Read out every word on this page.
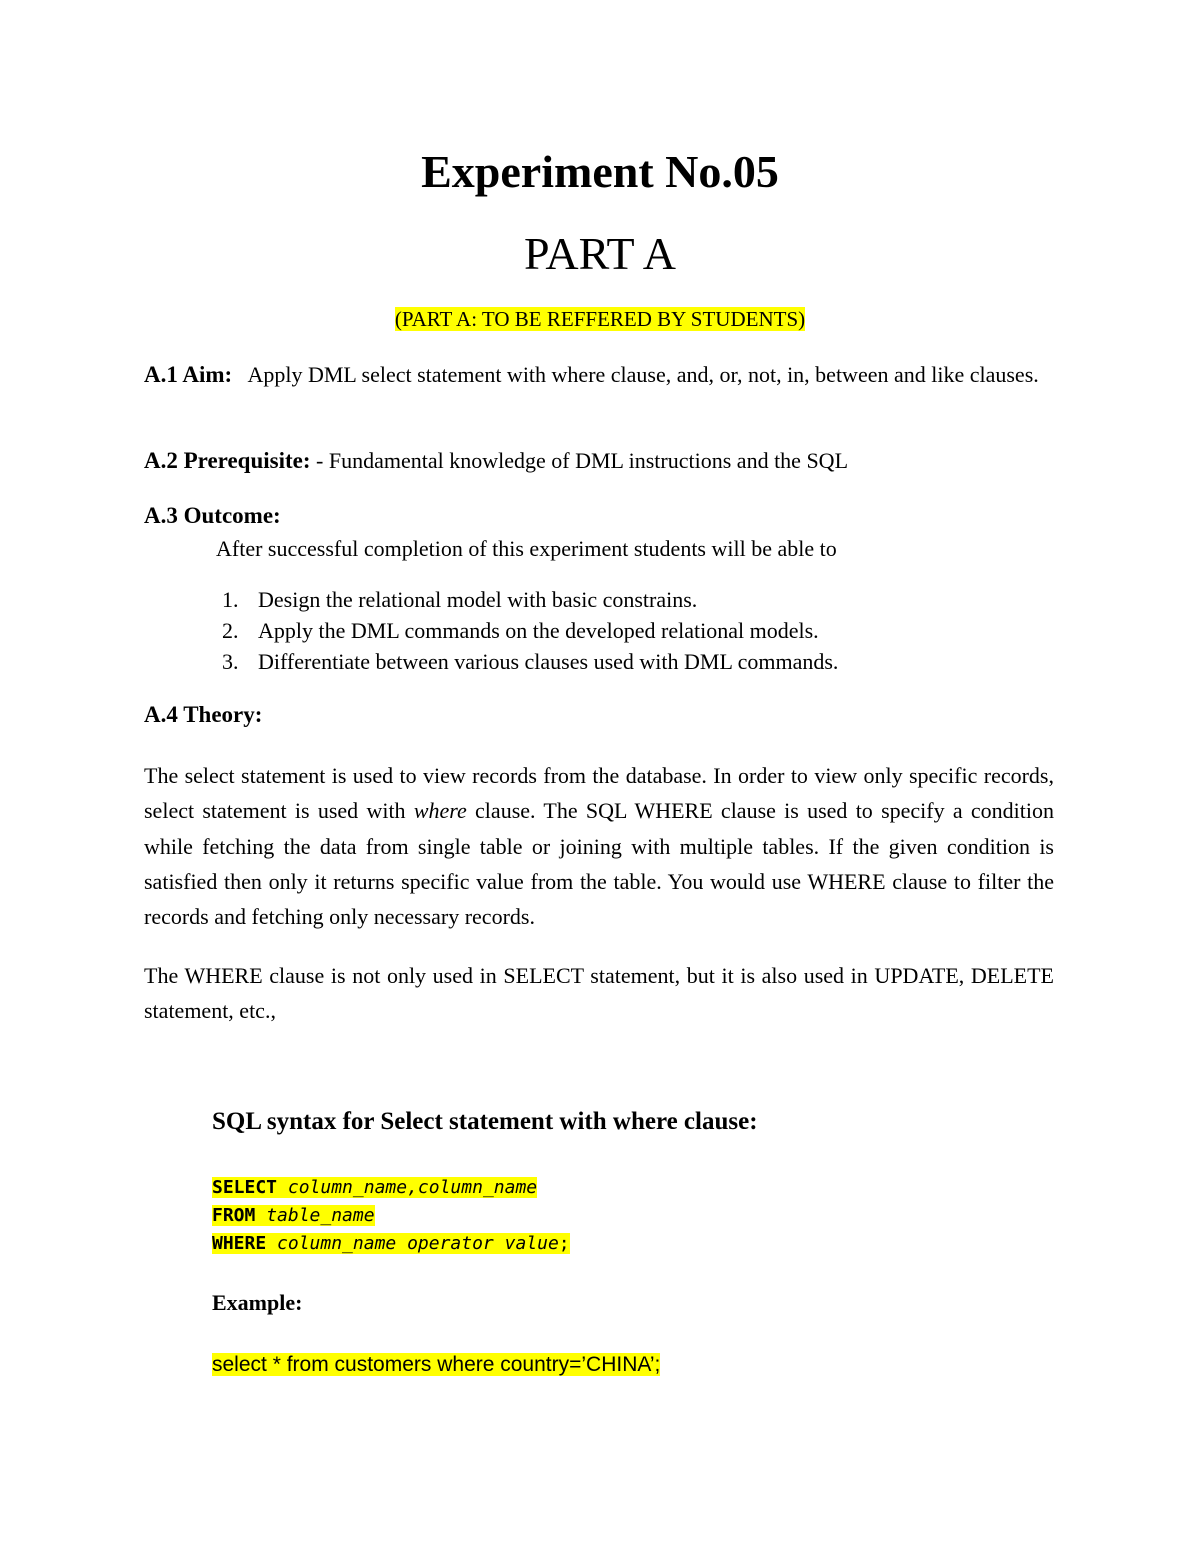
Experiment No.05
PART A
(PART A: TO BE REFFERED BY STUDENTS)
A.1 Aim: Apply DML select statement with where clause, and, or, not, in, between and like clauses.
A.2 Prerequisite: - Fundamental knowledge of DML instructions and the SQL
A.3 Outcome:
After successful completion of this experiment students will be able to
1. Design the relational model with basic constrains.
2. Apply the DML commands on the developed relational models.
3. Differentiate between various clauses used with DML commands.
A.4 Theory:
The select statement is used to view records from the database. In order to view only specific records, select statement is used with where clause. The SQL WHERE clause is used to specify a condition while fetching the data from single table or joining with multiple tables. If the given condition is satisfied then only it returns specific value from the table. You would use WHERE clause to filter the records and fetching only necessary records.
The WHERE clause is not only used in SELECT statement, but it is also used in UPDATE, DELETE statement, etc.,
SQL syntax for Select statement with where clause:
SELECT column_name,column_name
FROM table_name
WHERE column_name operator value;
Example:
select * from customers where country=’CHINA’;
